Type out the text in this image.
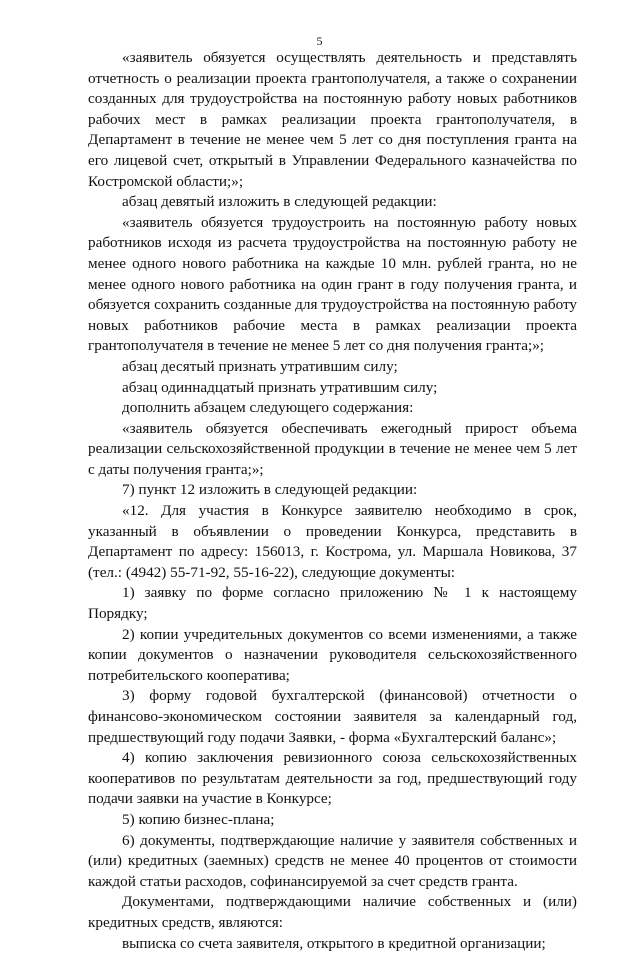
5

«заявитель обязуется осуществлять деятельность и представлять отчетность о реализации проекта грантополучателя, а также о сохранении созданных для трудоустройства на постоянную работу новых работников рабочих мест в рамках реализации проекта грантополучателя, в Департамент в течение не менее чем 5 лет со дня поступления гранта на его лицевой счет, открытый в Управлении Федерального казначейства по Костромской области;»;

абзац девятый изложить в следующей редакции:

«заявитель обязуется трудоустроить на постоянную работу новых работников исходя из расчета трудоустройства на постоянную работу не менее одного нового работника на каждые 10 млн. рублей гранта, но не менее одного нового работника на один грант в году получения гранта, и обязуется сохранить созданные для трудоустройства на постоянную работу новых работников рабочие места в рамках реализации проекта грантополучателя в течение не менее 5 лет со дня получения гранта;»;

абзац десятый признать утратившим силу;

абзац одиннадцатый признать утратившим силу;

дополнить абзацем следующего содержания:

«заявитель обязуется обеспечивать ежегодный прирост объема реализации сельскохозяйственной продукции в течение не менее чем 5 лет с даты получения гранта;»;

7) пункт 12 изложить в следующей редакции:

«12. Для участия в Конкурсе заявителю необходимо в срок, указанный в объявлении о проведении Конкурса, представить в Департамент по адресу: 156013, г. Кострома, ул. Маршала Новикова, 37 (тел.: (4942) 55-71-92, 55-16-22), следующие документы:

1) заявку по форме согласно приложению № 1 к настоящему Порядку;

2) копии учредительных документов со всеми изменениями, а также копии документов о назначении руководителя сельскохозяйственного потребительского кооператива;

3) форму годовой бухгалтерской (финансовой) отчетности о финансово-экономическом состоянии заявителя за календарный год, предшествующий году подачи Заявки, - форма «Бухгалтерский баланс»;

4) копию заключения ревизионного союза сельскохозяйственных кооперативов по результатам деятельности за год, предшествующий году подачи заявки на участие в Конкурсе;

5) копию бизнес-плана;

6) документы, подтверждающие наличие у заявителя собственных и (или) кредитных (заемных) средств не менее 40 процентов от стоимости каждой статьи расходов, софинансируемой за счет средств гранта.

Документами, подтверждающими наличие собственных и (или) кредитных средств, являются:

выписка со счета заявителя, открытого в кредитной организации;
